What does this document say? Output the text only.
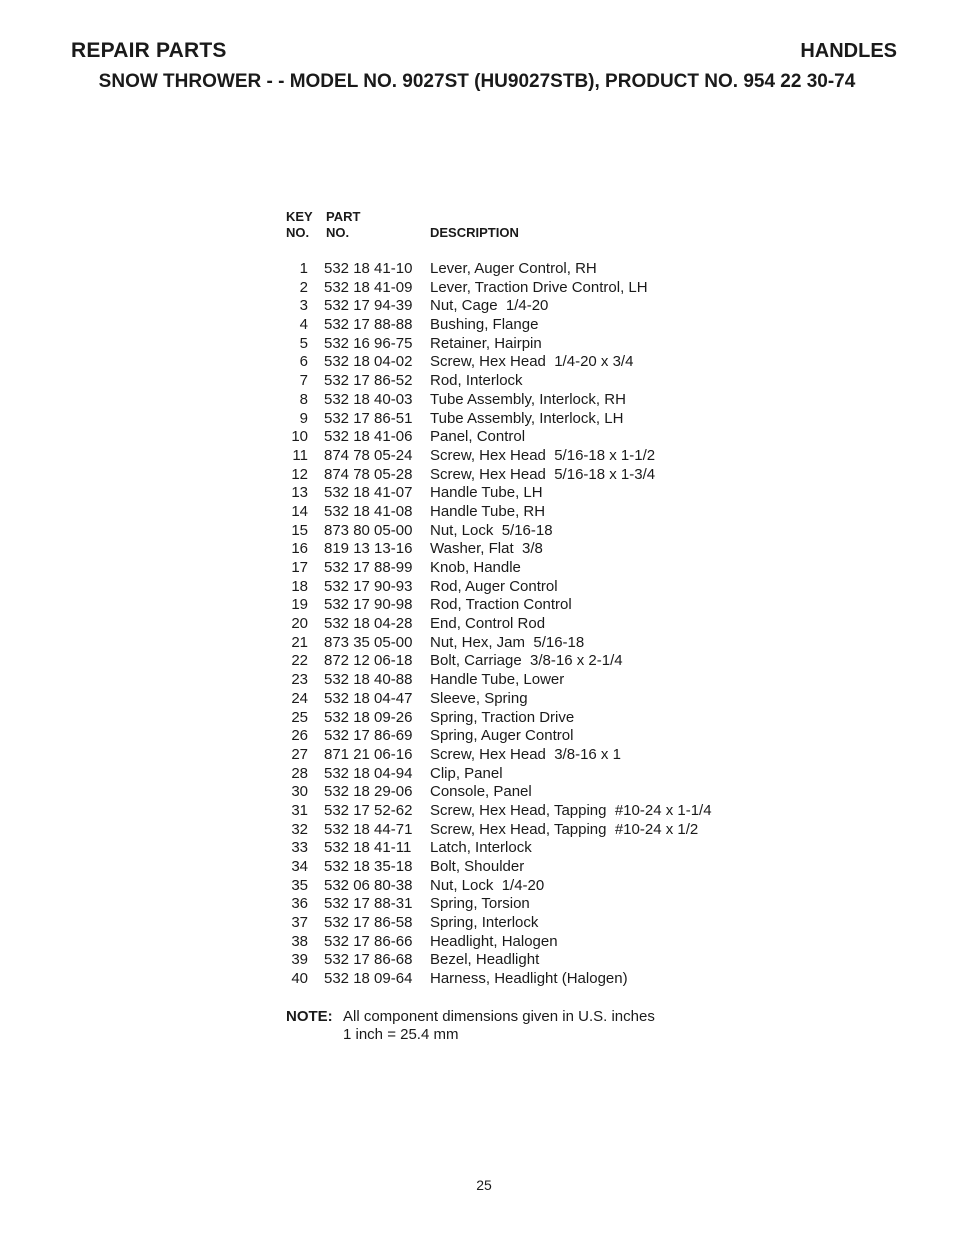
REPAIR PARTS	HANDLES
SNOW THROWER - - MODEL NO. 9027ST (HU9027STB), PRODUCT NO. 954 22 30-74
KEY
NO.
PART
NO.	DESCRIPTION
1 532 18 41-10 Lever, Auger Control, RH
2 532 18 41-09 Lever, Traction Drive Control, LH
3 532 17 94-39 Nut, Cage  1/4-20
4 532 17 88-88 Bushing, Flange
5 532 16 96-75 Retainer, Hairpin
6 532 18 04-02 Screw, Hex Head  1/4-20 x 3/4
7 532 17 86-52 Rod, Interlock
8 532 18 40-03 Tube Assembly, Interlock, RH
9 532 17 86-51 Tube Assembly, Interlock, LH
10 532 18 41-06 Panel, Control
11 874 78 05-24 Screw, Hex Head  5/16-18 x 1-1/2
12 874 78 05-28 Screw, Hex Head  5/16-18 x 1-3/4
13 532 18 41-07 Handle Tube, LH
14 532 18 41-08 Handle Tube, RH
15 873 80 05-00 Nut, Lock  5/16-18
16 819 13 13-16 Washer, Flat  3/8
17 532 17 88-99 Knob, Handle
18 532 17 90-93 Rod, Auger Control
19 532 17 90-98 Rod, Traction Control
20 532 18 04-28 End, Control Rod
21 873 35 05-00 Nut, Hex, Jam  5/16-18
22 872 12 06-18 Bolt, Carriage  3/8-16 x 2-1/4
23 532 18 40-88 Handle Tube, Lower
24 532 18 04-47 Sleeve, Spring
25 532 18 09-26 Spring, Traction Drive
26 532 17 86-69 Spring, Auger Control
27 871 21 06-16 Screw, Hex Head  3/8-16 x 1
28 532 18 04-94 Clip, Panel
30 532 18 29-06 Console, Panel
31 532 17 52-62 Screw, Hex Head, Tapping  #10-24 x 1-1/4
32 532 18 44-71 Screw, Hex Head, Tapping  #10-24 x 1/2
33 532 18 41-11 Latch, Interlock
34 532 18 35-18 Bolt, Shoulder
35 532 06 80-38 Nut, Lock  1/4-20
36 532 17 88-31 Spring, Torsion
37 532 17 86-58 Spring, Interlock
38 532 17 86-66 Headlight, Halogen
39 532 17 86-68 Bezel, Headlight
40 532 18 09-64 Harness, Headlight (Halogen)
NOTE: All component dimensions given in U.S. inches
1 inch = 25.4 mm
25
